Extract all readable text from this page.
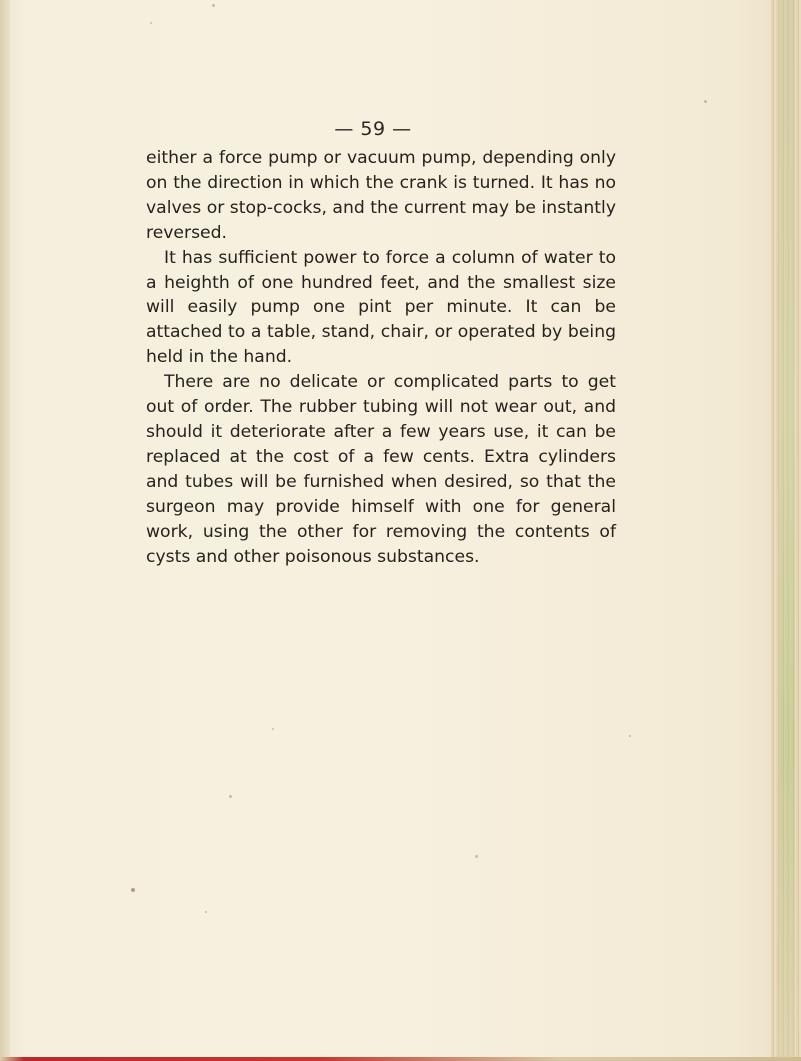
— 59 —

either a force pump or vacuum pump, depending only on the direction in which the crank is turned. It has no valves or stop-cocks, and the current may be instantly reversed.

It has sufficient power to force a column of water to a heighth of one hundred feet, and the smallest size will easily pump one pint per minute. It can be attached to a table, stand, chair, or operated by being held in the hand.

There are no delicate or complicated parts to get out of order. The rubber tubing will not wear out, and should it deteriorate after a few years use, it can be replaced at the cost of a few cents. Extra cylinders and tubes will be furnished when desired, so that the surgeon may provide himself with one for general work, using the other for removing the contents of cysts and other poisonous substances.
